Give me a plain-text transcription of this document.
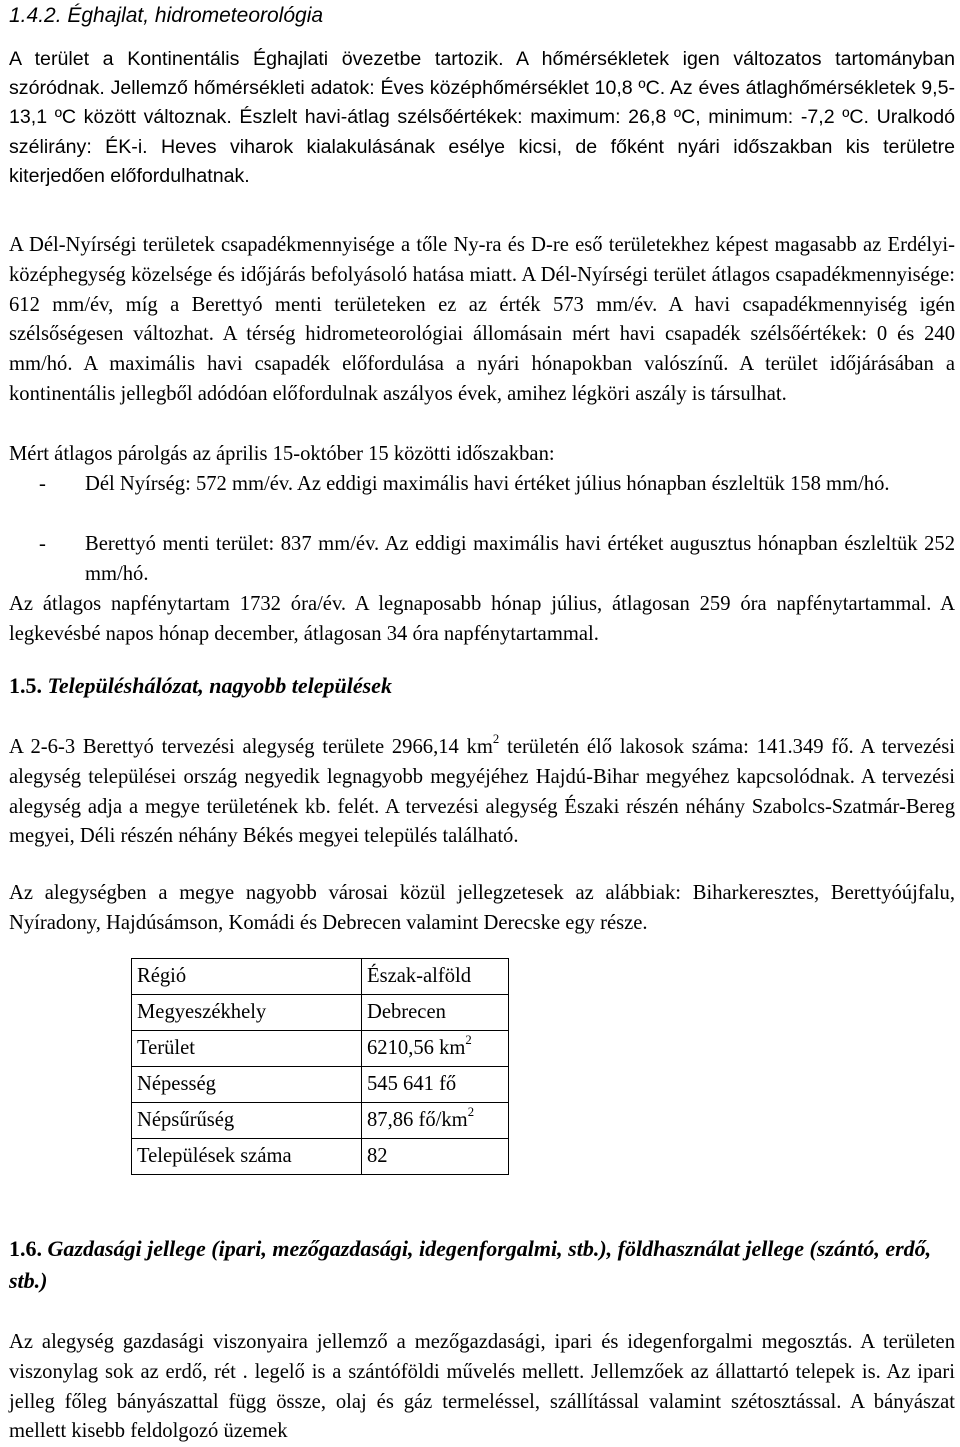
1.4.2. Éghajlat, hidrometeorológia

A terület a Kontinentális Éghajlati övezetbe tartozik. A hőmérsékletek igen változatos tartományban szóródnak. Jellemző hőmérsékleti adatok: Éves középhőmérséklet 10,8 ºC. Az éves átlaghőmérsékletek 9,5-13,1 ºC között változnak. Észlelt havi-átlag szélsőértékek: maximum: 26,8 ºC, minimum: -7,2 ºC. Uralkodó szélirány: ÉK-i. Heves viharok kialakulásának esélye kicsi, de főként nyári időszakban kis területre kiterjedően előfordulhatnak.

A Dél-Nyírségi területek csapadékmennyisége a tőle Ny-ra és D-re eső területekhez képest magasabb az Erdélyi-középhegység közelsége és időjárás befolyásoló hatása miatt. A Dél-Nyírségi terület átlagos csapadékmennyisége: 612 mm/év, míg a Berettyó menti területeken ez az érték 573 mm/év. A havi csapadékmennyiség igén szélsőségesen változhat. A térség hidrometeorológiai állomásain mért havi csapadék szélsőértékek: 0 és 240 mm/hó. A maximális havi csapadék előfordulása a nyári hónapokban valószínű. A terület időjárásában a kontinentális jellegből adódóan előfordulnak aszályos évek, amihez légköri aszály is társulhat.

Mért átlagos párolgás az április 15-október 15 közötti időszakban:

-	Dél Nyírség: 572 mm/év. Az eddigi maximális havi értéket július hónapban észleltük 158 mm/hó.
-	Berettyó menti terület: 837 mm/év. Az eddigi maximális havi értéket augusztus hónapban észleltük 252 mm/hó.

Az átlagos napfénytartam 1732 óra/év. A legnaposabb hónap július, átlagosan 259 óra napfénytartammal. A legkevésbé napos hónap december, átlagosan 34 óra napfénytartammal.

1.5. Településhálózat, nagyobb települések

A 2-6-3 Berettyó tervezési alegység területe 2966,14 $km^2$ területén élő lakosok száma: 141.349 fő. A tervezési alegység települései ország negyedik legnagyobb megyéjéhez Hajdú-Bihar megyéhez kapcsolódnak. A tervezési alegység adja a megye területének kb. felét. A tervezési alegység Északi részén néhány Szabolcs-Szatmár-Bereg megyei, Déli részén néhány Békés megyei település található.

Az alegységben a megye nagyobb városai közül jellegzetesek az alábbiak: Biharkeresztes, Berettyóújfalu, Nyíradony, Hajdúsámson, Komádi és Debrecen valamint Derecske egy része.

Régió	Észak-alföld
Megyeszékhely	Debrecen
Terület	6210,56 $km^2$
Népesség	545 641 fő
Népsűrűség	87,86 $fő/km^2$
Települések száma	82
1.6. Gazdasági jellege (ipari, mezőgazdasági, idegenforgalmi, stb.), földhasználat jellege (szántó, erdő, stb.)

Az alegység gazdasági viszonyaira jellemző a mezőgazdasági, ipari és idegenforgalmi megosztás. A területen viszonylag sok az erdő, rét . legelő is a szántóföldi művelés mellett. Jellemzőek az állattartó telepek is. Az ipari jelleg főleg bányászattal függ össze, olaj és gáz termeléssel, szállítással valamint szétosztással. A bányászat mellett kisebb feldolgozó üzemek
